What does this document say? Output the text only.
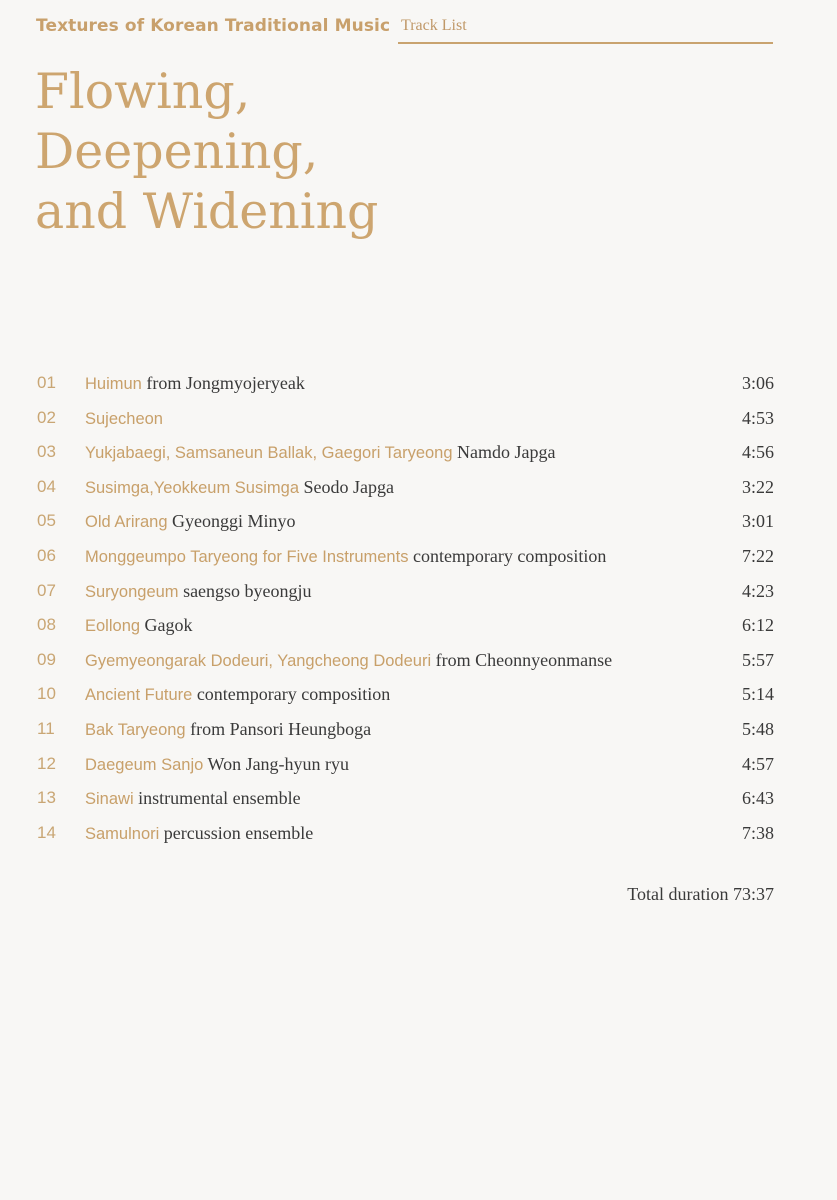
Textures of Korean Traditional Music Track List
Flowing,
Deepening,
and Widening
01 Huimun from Jongmyojeryeak	3:06
02 Sujecheon	4:53
03 Yukjabaegi, Samsaneun Ballak, Gaegori Taryeong Namdo Japga	4:56
04 Susimga,Yeokkeum Susimga Seodo Japga	3:22
05 Old Arirang Gyeonggi Minyo	3:01
06 Monggeumpo Taryeong for Five Instruments contemporary composition	7:22
07 Suryongeum saengso byeongju	4:23
08 Eollong Gagok	6:12
09 Gyemyeongarak Dodeuri, Yangcheong Dodeuri from Cheonnyeonmanse	5:57
10 Ancient Future contemporary composition	5:14
11 Bak Taryeong from Pansori Heungboga	5:48
12 Daegeum Sanjo Won Jang-hyun ryu	4:57
13 Sinawi instrumental ensemble	6:43
14 Samulnori percussion ensemble	7:38
Total duration 73:37
